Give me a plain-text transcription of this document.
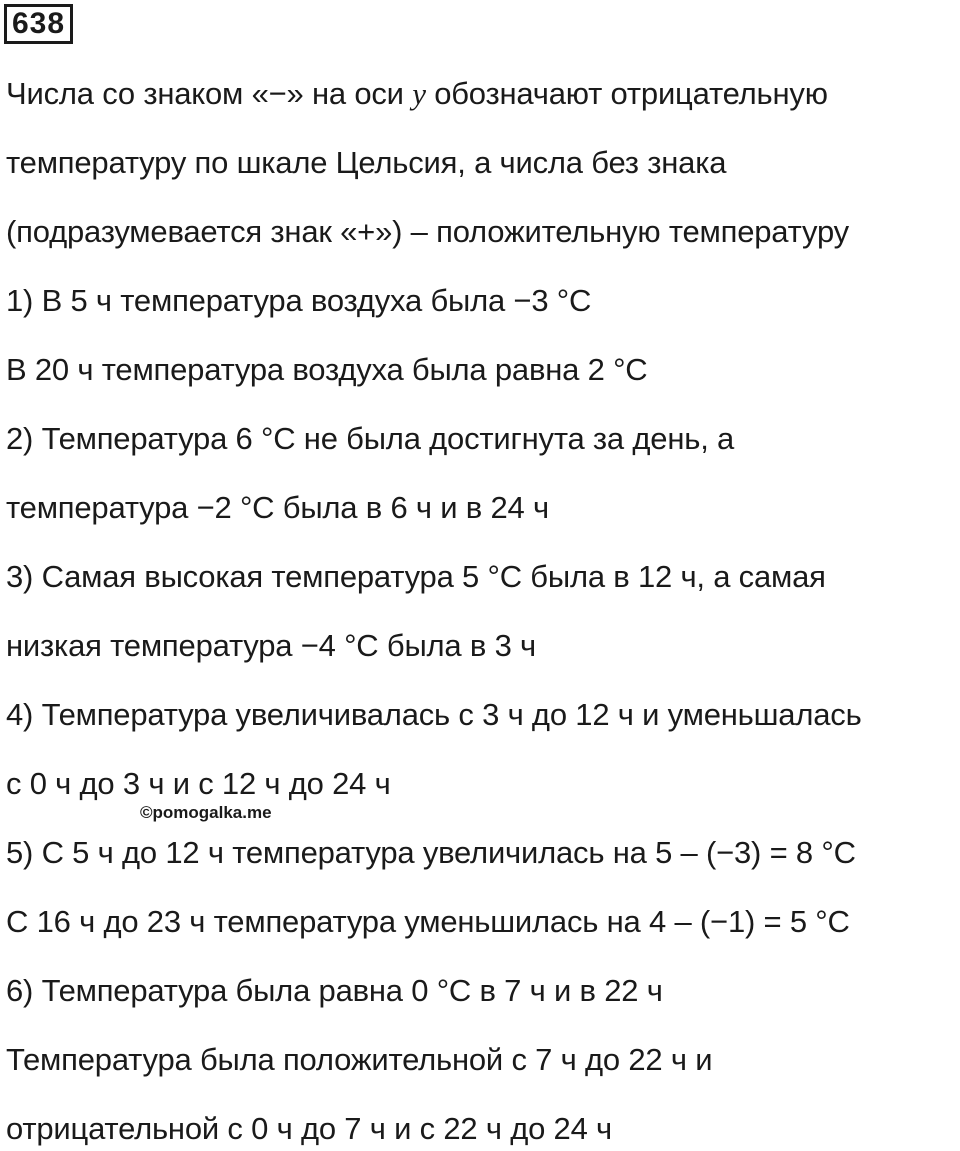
638
Числа со знаком «−» на оси y обозначают отрицательную
температуру по шкале Цельсия, а числа без знака
(подразумевается знак «+») – положительную температуру
1) В 5 ч температура воздуха была −3 °С
В 20 ч температура воздуха была равна 2 °С
2) Температура 6 °С не была достигнута за день, а
температура −2 °С была в 6 ч и в 24 ч
3) Самая высокая температура 5 °С была в 12 ч, а самая
низкая температура −4 °С была в 3 ч
4) Температура увеличивалась с 3 ч до 12 ч и уменьшалась
с 0 ч до 3 ч и с 12 ч до 24 ч
©pomogalka.me
5) С 5 ч до 12 ч температура увеличилась на 5 – (−3) = 8 °С
С 16 ч до 23 ч температура уменьшилась на 4 – (−1) = 5 °С
6) Температура была равна 0 °С в 7 ч и в 22 ч
Температура была положительной с 7 ч до 22 ч и
отрицательной с 0 ч до 7 ч и с 22 ч до 24 ч
